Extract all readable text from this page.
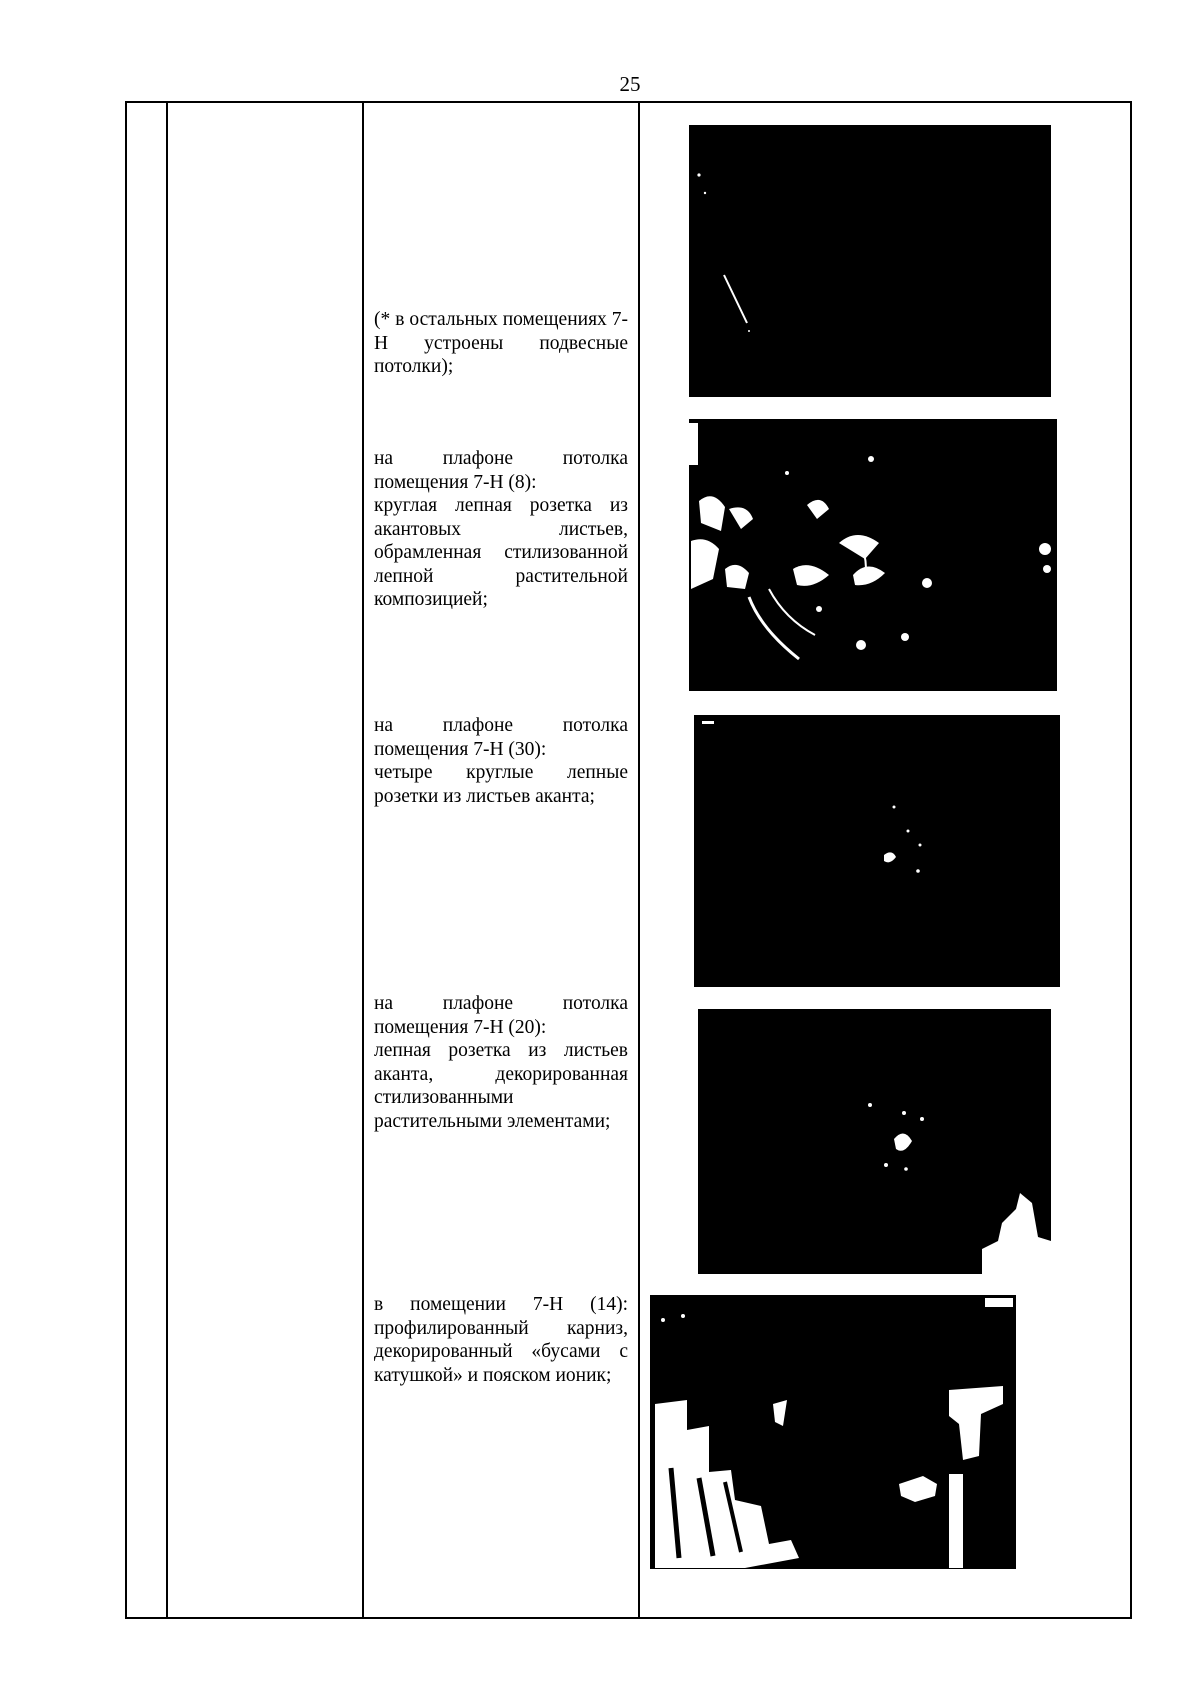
25

(* в остальных помещениях 7-Н устроены подвесные потолки);

на плафоне потолка помещения 7-Н (8):

круглая лепная розетка из акантовых листьев, обрамленная стилизованной лепной растительной композицией;

на плафоне потолка помещения 7-Н (30):

четыре круглые лепные розетки из листьев аканта;

на плафоне потолка помещения 7-Н (20):

лепная розетка из листьев аканта, декорированная стилизованными растительными элементами;

в помещении 7-Н (14): профилированный карниз, декорированный «бусами с катушкой» и пояском ионик;
